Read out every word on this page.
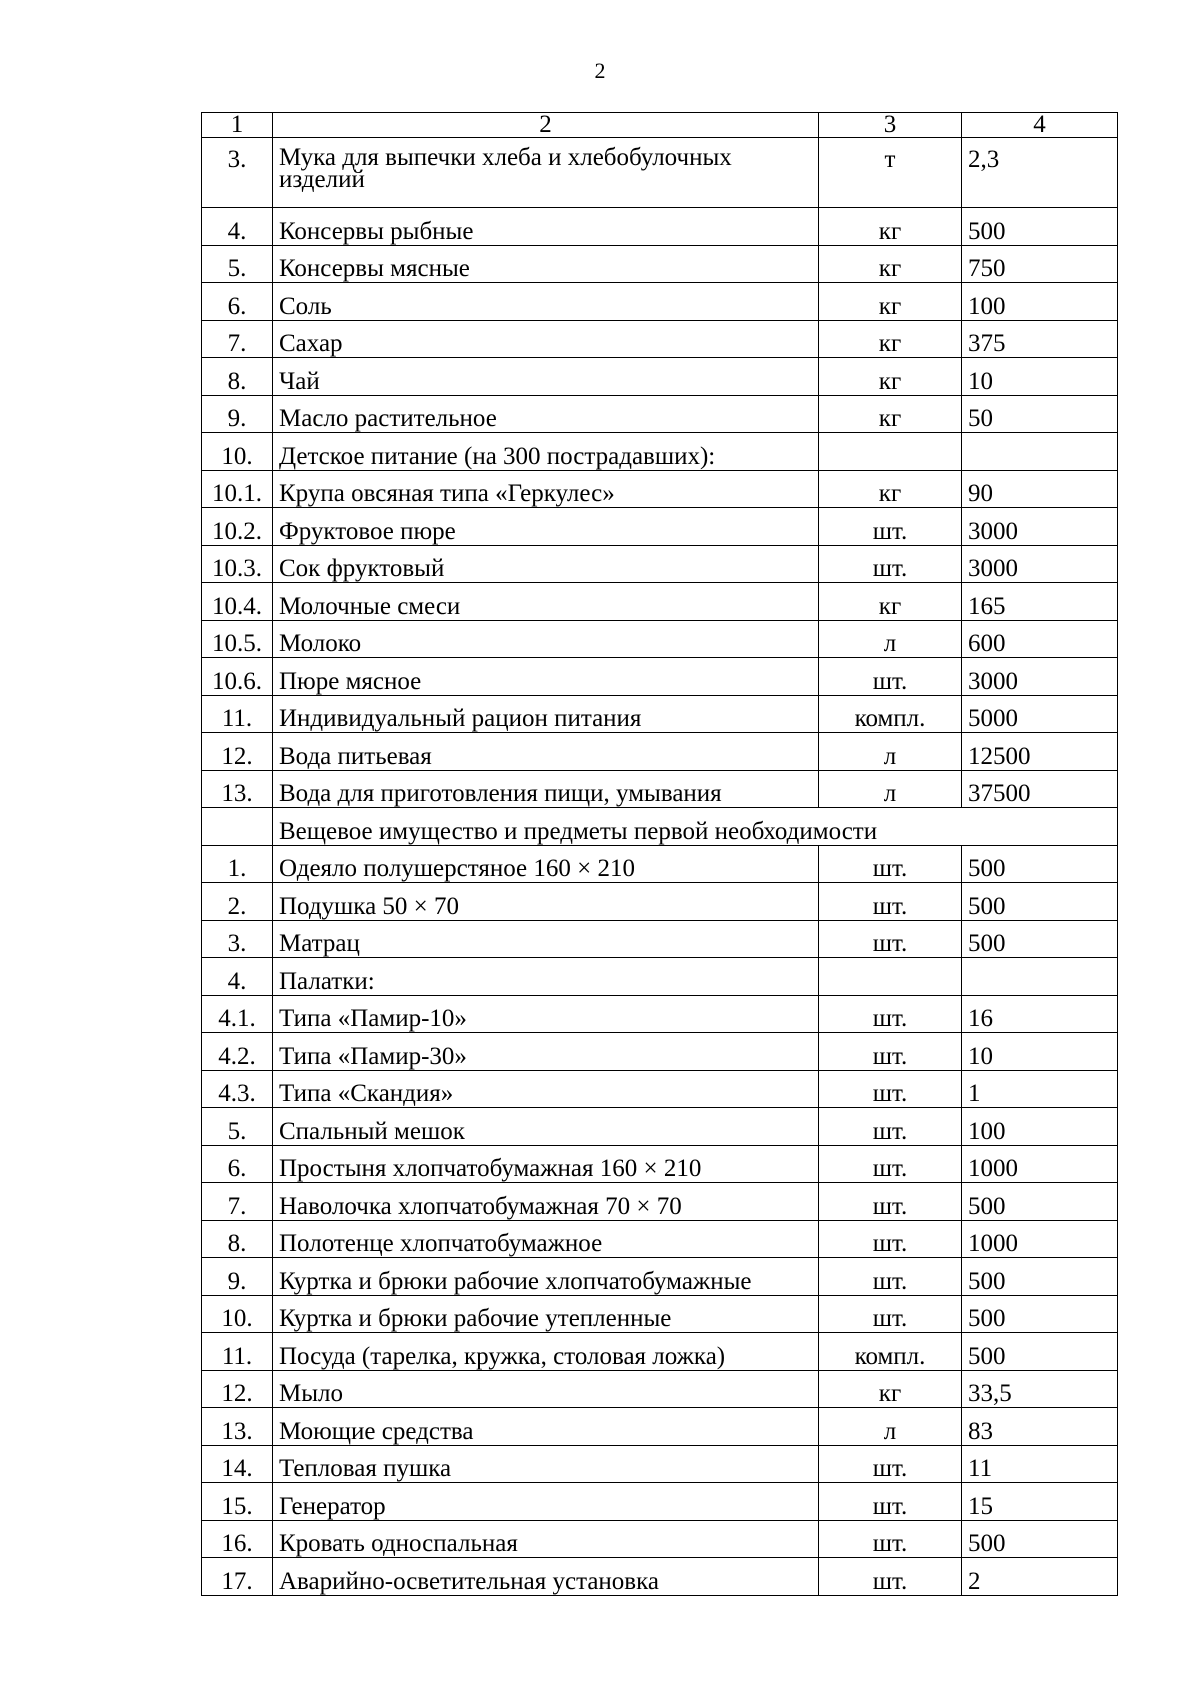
2
1	2	3	4
3.	Мука для выпечки хлеба и хлебобулочных изделий	т	2,3
4.	Консервы рыбные	кг	500
5.	Консервы мясные	кг	750
6.	Соль	кг	100
7.	Сахар	кг	375
8.	Чай	кг	10
9.	Масло растительное	кг	50
10.	Детское питание (на 300 пострадавших):		
10.1.	Крупа овсяная типа «Геркулес»	кг	90
10.2.	Фруктовое пюре	шт.	3000
10.3.	Сок фруктовый	шт.	3000
10.4.	Молочные смеси	кг	165
10.5.	Молоко	л	600
10.6.	Пюре мясное	шт.	3000
11.	Индивидуальный рацион питания	компл.	5000
12.	Вода питьевая	л	12500
13.	Вода для приготовления пищи, умывания	л	37500
	Вещевое имущество и предметы первой необходимости		
1.	Одеяло полушерстяное 160 × 210	шт.	500
2.	Подушка 50 × 70	шт.	500
3.	Матрац	шт.	500
4.	Палатки:		
4.1.	Типа «Памир-10»	шт.	16
4.2.	Типа «Памир-30»	шт.	10
4.3.	Типа «Скандия»	шт.	1
5.	Спальный мешок	шт.	100
6.	Простыня хлопчатобумажная 160 × 210	шт.	1000
7.	Наволочка хлопчатобумажная 70 × 70	шт.	500
8.	Полотенце хлопчатобумажное	шт.	1000
9.	Куртка и брюки рабочие хлопчатобумажные	шт.	500
10.	Куртка и брюки рабочие утепленные	шт.	500
11.	Посуда (тарелка, кружка, столовая ложка)	компл.	500
12.	Мыло	кг	33,5
13.	Моющие средства	л	83
14.	Тепловая пушка	шт.	11
15.	Генератор	шт.	15
16.	Кровать односпальная	шт.	500
17.	Аварийно-осветительная установка	шт.	2
